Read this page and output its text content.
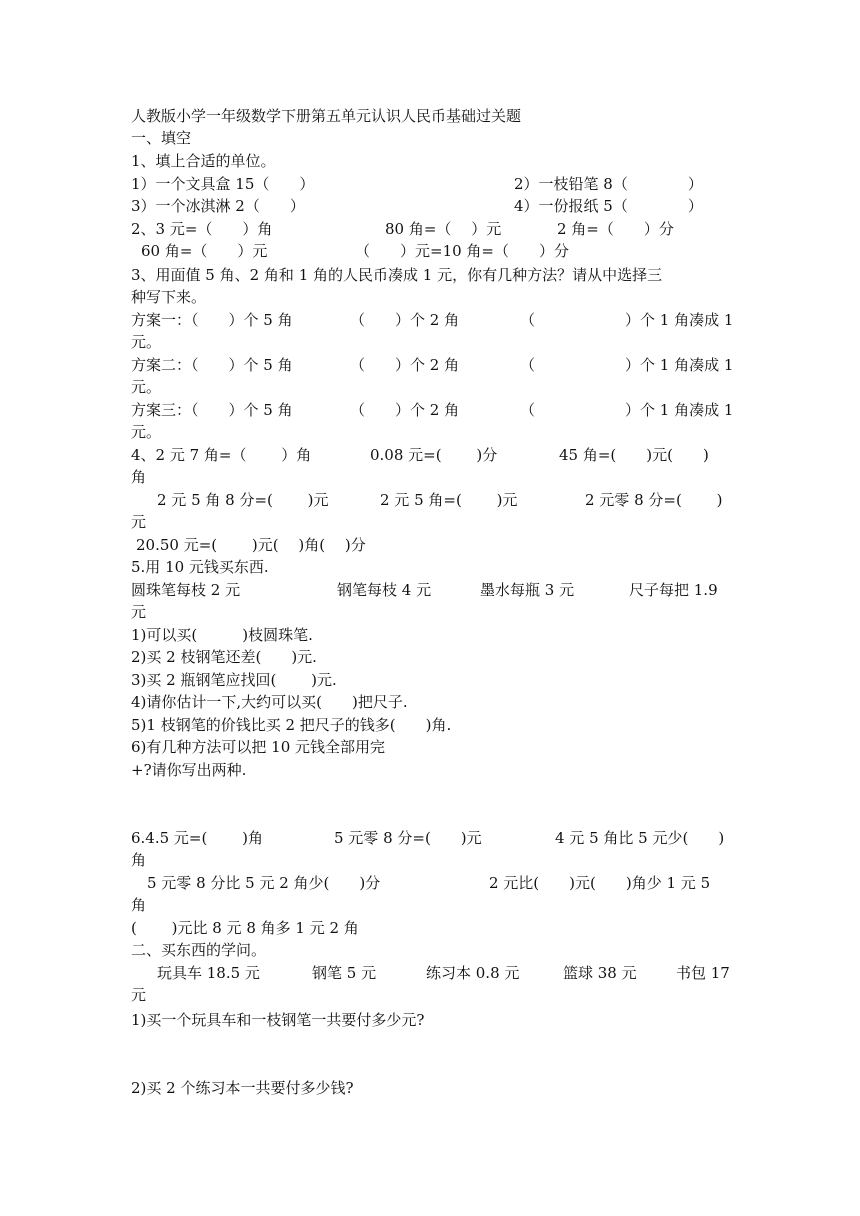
人教版小学一年级数学下册第五单元认识人民币基础过关题
一、填空
1、填上合适的单位。
1）一个文具盒 15（　　）	2）一枝铅笔 8（　　　　）
3）一个冰淇淋 2（　　）	4）一份报纸 5（　　　　）
2、3 元=（　　）角	80 角=（　 ）元	2 角=（　　）分
60 角=（　　）元	（　　）元=10 角=（　　）分
3、用面值 5 角、2 角和 1 角的人民币凑成 1 元，你有几种方法？请从中选择三
种写下来。
方案一：（　　）个 5 角	（　　）个 2 角	（　　　　　　）个 1 角凑成 1
元。
方案二：（　　）个 5 角	（　　）个 2 角	（　　　　　　）个 1 角凑成 1
元。
方案三：（　　）个 5 角	（　　）个 2 角	（　　　　　　）个 1 角凑成 1
元。
4、2 元 7 角=（　　 ）角	0.08 元=(　　 )分	45 角=(　　)元(　　)
角
2 元 5 角 8 分=(　　 )元	2 元 5 角=(　　 )元	2 元零 8 分=(　　 )
元
20.50 元=(　　 )元(　 )角(　 )分
5.用 10 元钱买东西.
圆珠笔每枝 2 元	钢笔每枝 4 元	墨水每瓶 3 元	尺子每把 1.9
元
1)可以买(　　　)枝圆珠笔.
2)买 2 枝钢笔还差(　　)元.
3)买 2 瓶钢笔应找回(　　 )元.
4)请你估计一下,大约可以买(　　)把尺子.
5)1 枝钢笔的价钱比买 2 把尺子的钱多(　　)角.
6)有几种方法可以把 10 元钱全部用完
+?请你写出两种.
6.4.5 元=(　　 )角	5 元零 8 分=(　　)元	4 元 5 角比 5 元少(　　)
角
5 元零 8 分比 5 元 2 角少(　　)分	2 元比(　　)元(　　)角少 1 元 5
角
(　　 )元比 8 元 8 角多 1 元 2 角
二、买东西的学问。
玩具车 18.5 元	钢笔 5 元	练习本 0.8 元	篮球 38 元	书包 17
元
1)买一个玩具车和一枝钢笔一共要付多少元?
2)买 2 个练习本一共要付多少钱?
